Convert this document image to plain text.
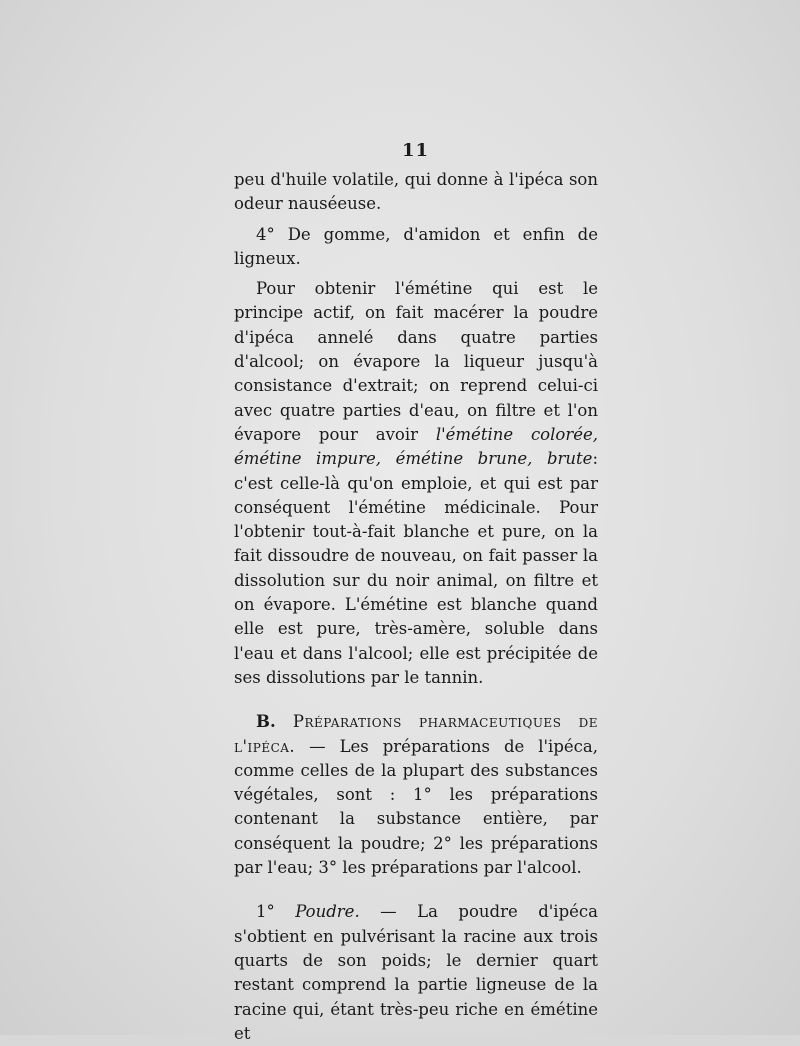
11

peu d'huile volatile, qui donne à l'ipéca son odeur nauséeuse.

4° De gomme, d'amidon et enfin de ligneux.

Pour obtenir l'émétine qui est le principe actif, on fait macérer la poudre d'ipéca annelé dans quatre parties d'alcool; on évapore la liqueur jusqu'à consistance d'extrait; on reprend celui-ci avec quatre parties d'eau, on filtre et l'on évapore pour avoir l'émétine colorée, émétine impure, émétine brune, brute: c'est celle-là qu'on emploie, et qui est par conséquent l'émétine médicinale. Pour l'obtenir tout-à-fait blanche et pure, on la fait dissoudre de nouveau, on fait passer la dissolution sur du noir animal, on filtre et on évapore. L'émétine est blanche quand elle est pure, très-amère, soluble dans l'eau et dans l'alcool; elle est précipitée de ses dissolutions par le tannin.

B. Préparations pharmaceutiques de l'ipéca. — Les préparations de l'ipéca, comme celles de la plupart des substances végétales, sont : 1° les préparations contenant la substance entière, par conséquent la poudre; 2° les préparations par l'eau; 3° les préparations par l'alcool.

1° Poudre. — La poudre d'ipéca s'obtient en pulvérisant la racine aux trois quarts de son poids; le dernier quart restant comprend la partie ligneuse de la racine qui, étant très-peu riche en émétine et
